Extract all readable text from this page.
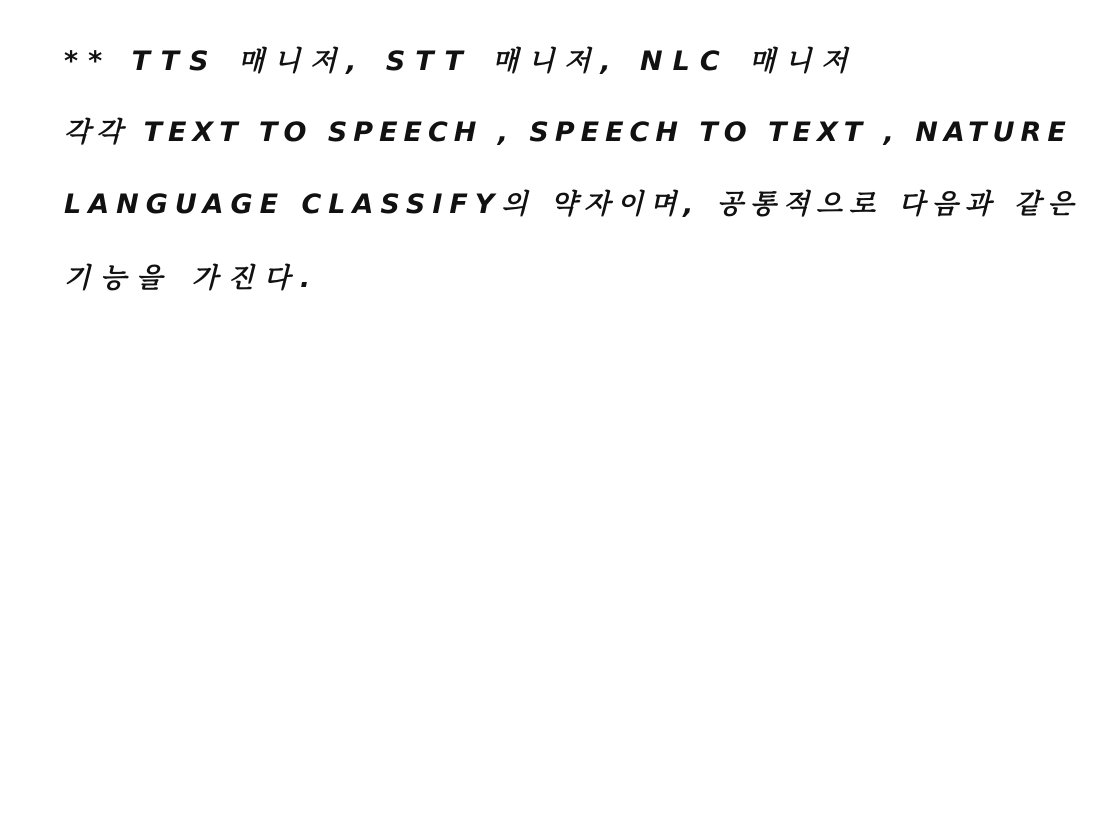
** TTS 매니저, STT 매니저, NLC 매니저

각각 TEXT TO SPEECH , SPEECH TO TEXT , NATURE

LANGUAGE CLASSIFY의 약자이며, 공통적으로 다음과 같은

기능을 가진다.
